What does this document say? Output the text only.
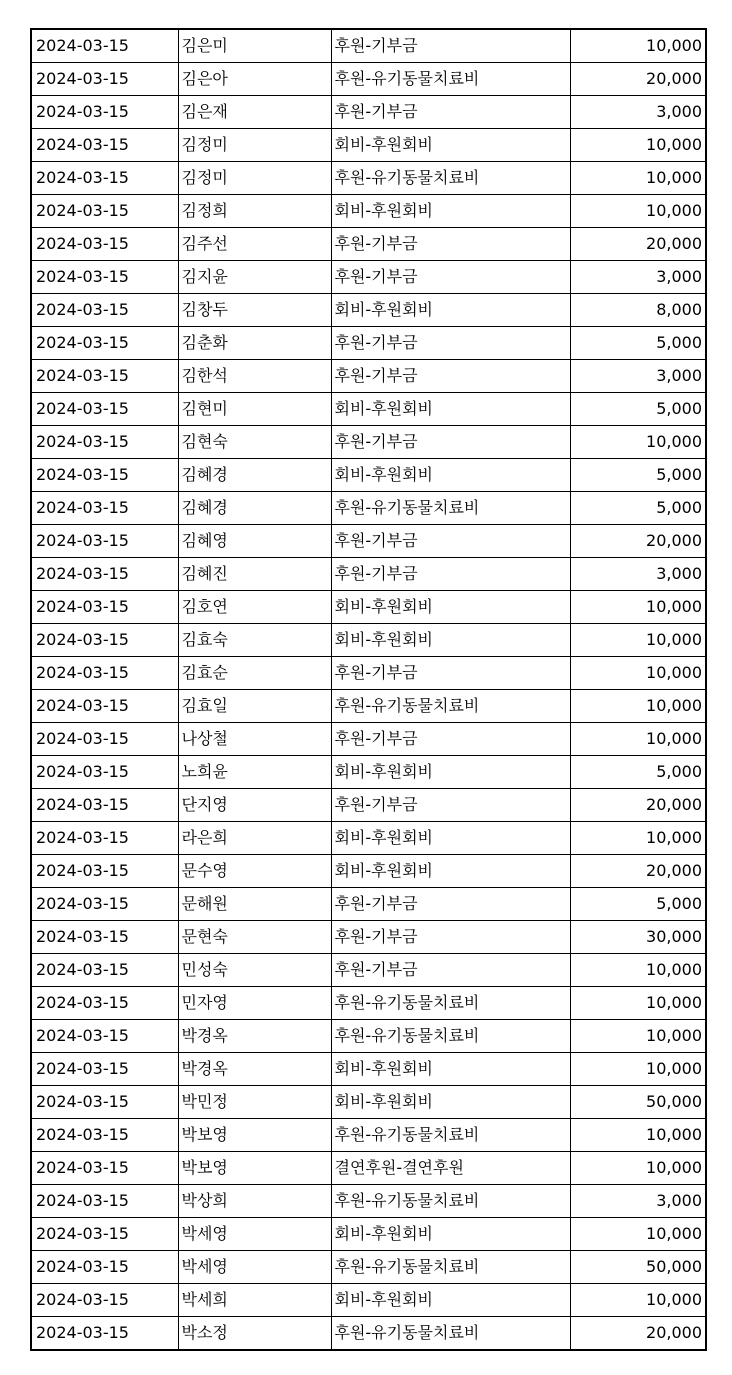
2024-03-15	김은미	후원-기부금	10,000
2024-03-15	김은아	후원-유기동물치료비	20,000
2024-03-15	김은재	후원-기부금	3,000
2024-03-15	김정미	회비-후원회비	10,000
2024-03-15	김정미	후원-유기동물치료비	10,000
2024-03-15	김정희	회비-후원회비	10,000
2024-03-15	김주선	후원-기부금	20,000
2024-03-15	김지윤	후원-기부금	3,000
2024-03-15	김창두	회비-후원회비	8,000
2024-03-15	김춘화	후원-기부금	5,000
2024-03-15	김한석	후원-기부금	3,000
2024-03-15	김현미	회비-후원회비	5,000
2024-03-15	김현숙	후원-기부금	10,000
2024-03-15	김혜경	회비-후원회비	5,000
2024-03-15	김혜경	후원-유기동물치료비	5,000
2024-03-15	김혜영	후원-기부금	20,000
2024-03-15	김혜진	후원-기부금	3,000
2024-03-15	김호연	회비-후원회비	10,000
2024-03-15	김효숙	회비-후원회비	10,000
2024-03-15	김효순	후원-기부금	10,000
2024-03-15	김효일	후원-유기동물치료비	10,000
2024-03-15	나상철	후원-기부금	10,000
2024-03-15	노희윤	회비-후원회비	5,000
2024-03-15	단지영	후원-기부금	20,000
2024-03-15	라은희	회비-후원회비	10,000
2024-03-15	문수영	회비-후원회비	20,000
2024-03-15	문해원	후원-기부금	5,000
2024-03-15	문현숙	후원-기부금	30,000
2024-03-15	민성숙	후원-기부금	10,000
2024-03-15	민자영	후원-유기동물치료비	10,000
2024-03-15	박경옥	후원-유기동물치료비	10,000
2024-03-15	박경옥	회비-후원회비	10,000
2024-03-15	박민정	회비-후원회비	50,000
2024-03-15	박보영	후원-유기동물치료비	10,000
2024-03-15	박보영	결연후원-결연후원	10,000
2024-03-15	박상희	후원-유기동물치료비	3,000
2024-03-15	박세영	회비-후원회비	10,000
2024-03-15	박세영	후원-유기동물치료비	50,000
2024-03-15	박세희	회비-후원회비	10,000
2024-03-15	박소정	후원-유기동물치료비	20,000
